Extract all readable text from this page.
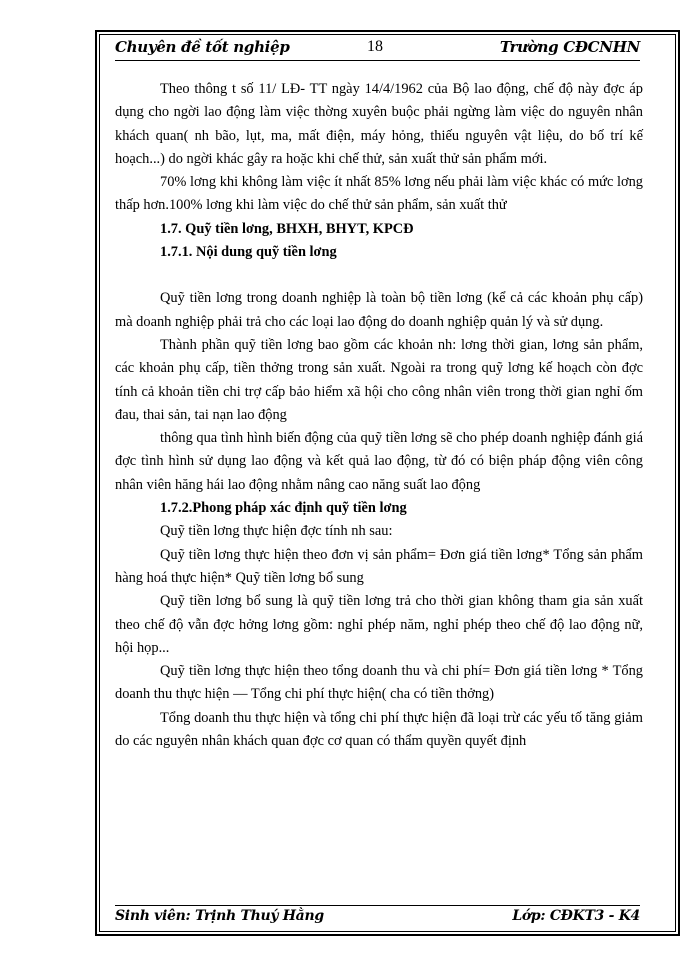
Chuyên đề tốt nghiệp	18	Trường CĐCNHN

Theo thông t số 11/ LĐ- TT ngày 14/4/1962 của Bộ lao động, chế độ này đợc áp dụng cho ngời lao động làm việc thờng xuyên buộc phải ngừng làm việc do nguyên nhân khách quan( nh bão, lụt, ma, mất điện, máy hỏng, thiếu nguyên vật liệu, do bố trí kế hoạch...) do ngời khác gây ra hoặc khi chế thử, sản xuất thử sản phẩm mới.

70% lơng khi không làm việc ít nhất 85% lơng nếu phải làm việc khác có mức lơng thấp hơn.100% lơng khi làm việc do chế thử sản phẩm, sản xuất thử

1.7. Quỹ tiền lơng, BHXH, BHYT, KPCĐ

1.7.1. Nội dung quỹ tiền lơng

Quỹ tiền lơng trong doanh nghiệp là toàn bộ tiền lơng (kể cả các khoản phụ cấp) mà doanh nghiệp phải trả cho các loại lao động do doanh nghiệp quản lý và sử dụng.

Thành phần quỹ tiền lơng bao gồm các khoản nh: lơng thời gian, lơng sản phẩm, các khoản phụ cấp, tiền thởng trong sản xuất. Ngoài ra trong quỹ lơng kế hoạch còn đợc tính cả khoản tiền chi trợ cấp bảo hiểm xã hội cho công nhân viên trong thời gian nghỉ ốm đau, thai sản, tai nạn lao động

thông qua tình hình biến động của quỹ tiền lơng sẽ cho phép doanh nghiệp đánh giá đợc tình hình sử dụng lao động và kết quả lao động, từ đó có biện pháp động viên công nhân viên hăng hái lao động nhằm nâng cao năng suất lao động

1.7.2.Phong pháp xác định quỹ tiền lơng

Quỹ tiền lơng thực hiện đợc tính nh sau:

Quỹ tiền lơng thực hiện theo đơn vị sản phẩm= Đơn giá tiền lơng* Tổng sản phẩm hàng hoá thực hiện* Quỹ tiền lơng bổ sung

Quỹ tiền lơng bổ sung là quỹ tiền lơng trả cho thời gian không tham gia sản xuất theo chế độ vẫn đợc hởng lơng gồm: nghỉ phép năm, nghỉ phép theo chế độ lao động nữ, hội họp...

Quỹ tiền lơng thực hiện theo tổng doanh thu và chi phí= Đơn giá tiền lơng * Tổng doanh thu thực hiện — Tổng chi phí thực hiện( cha có tiền thởng)

Tổng doanh thu thực hiện và tổng chi phí thực hiện đã loại trừ các yếu tố tăng giảm do các nguyên nhân khách quan đợc cơ quan có thẩm quyền quyết định

Sinh viên: Trịnh Thuý Hằng	Lớp: CĐKT3 - K4
